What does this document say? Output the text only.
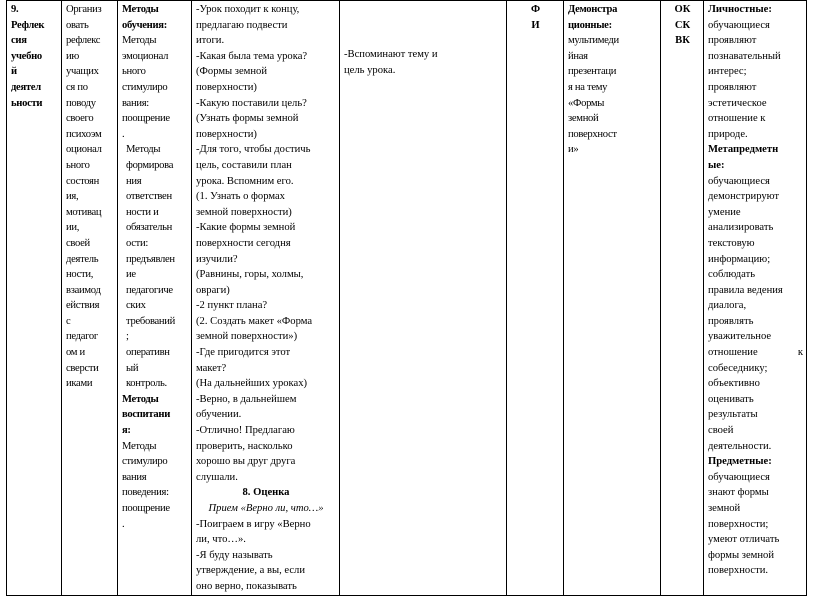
9.
Рефлек
сия
учебно
й
деятел
ьности

Организ
овать
рефлекс
ию
учащих
ся по
поводу
своего
психоэм
оционал
ьного
состоян
ия,
мотивац
ии,
своей
деятель
ности,
взаимод
ействия
с
педагог
ом и
сверсти
иками

Методы
обучения:
Методы
эмоционал
ьного
стимулиро
вания:
поощрение
.
Методы
формирова
ния
ответствен
ности и
обязательн
ости:
предъявлен
ие
педагогиче
ских
требований
;
оперативн
ый
контроль.
Методы
воспитани
я:
Методы
стимулиро
вания
поведения:
поощрение
.

-Урок походит к концу,
предлагаю подвести
итоги.
-Какая была тема урока?
(Формы земной
поверхности)
-Какую поставили цель?
(Узнать формы земной
поверхности)
-Для того, чтобы достичь
цель, составили план
урока. Вспомним его.
(1. Узнать о формах
земной поверхности)
-Какие формы земной
поверхности сегодня
изучили?
(Равнины, горы, холмы,
овраги)
-2 пункт плана?
(2. Создать макет «Форма
земной поверхности»)
-Где пригодится этот
макет?
(На дальнейших уроках)
-Верно, в дальнейшем
обучении.
-Отлично! Предлагаю
проверить, насколько
хорошо вы друг друга
слушали.
8. Оценка
Прием «Верно ли, что…»
-Поиграем в игру «Верно
ли, что…».
-Я буду называть
утверждение, а вы, если
оно верно, показывать

-Вспоминают тему и
цель урока.

Ф
И

Демонстра
ционные:
мультимеди
йная
презентаци
я на тему
«Формы
земной
поверхност
и»

ОК
СК
ВК

Личностные:
обучающиеся
проявляют
познавательный
интерес;
проявляют
эстетическое
отношение к
природе.
Метапредметн
ые:
обучающиеся
демонстрируют
умение
анализировать
текстовую
информацию;
соблюдать
правила ведения
диалога,
проявлять
уважительное
отношение	к
собеседнику;
объективно
оценивать
результаты
своей
деятельности.
Предметные:
обучающиеся
знают формы
земной
поверхности;
умеют отличать
формы земной
поверхности.
